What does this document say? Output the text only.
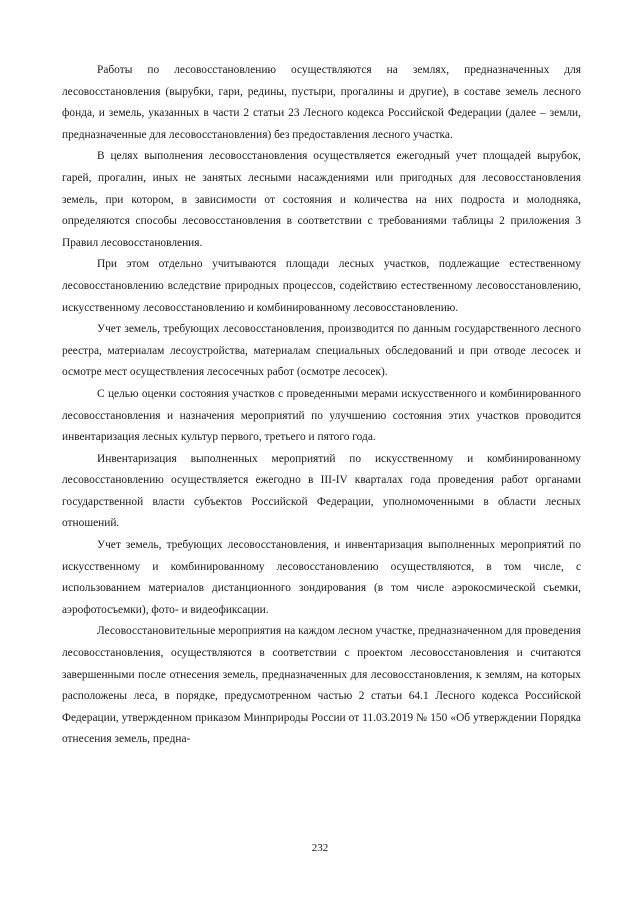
Работы по лесовосстановлению осуществляются на землях, предназначенных для лесовосстановления (вырубки, гари, редины, пустыри, прогалины и другие), в составе земель лесного фонда, и земель, указанных в части 2 статьи 23 Лесного кодекса Российской Федерации (далее – земли, предназначенные для лесовосстановления) без предоставления лесного участка.

В целях выполнения лесовосстановления осуществляется ежегодный учет площадей вырубок, гарей, прогалин, иных не занятых лесными насаждениями или пригодных для лесовосстановления земель, при котором, в зависимости от состояния и количества на них подроста и молодняка, определяются способы лесовосстановления в соответствии с требованиями таблицы 2 приложения 3 Правил лесовосстановления.

При этом отдельно учитываются площади лесных участков, подлежащие естественному лесовосстановлению вследствие природных процессов, содействию естественному лесовосстановлению, искусственному лесовосстановлению и комбинированному лесовосстановлению.

Учет земель, требующих лесовосстановления, производится по данным государственного лесного реестра, материалам лесоустройства, материалам специальных обследований и при отводе лесосек и осмотре мест осуществления лесосечных работ (осмотре лесосек).

С целью оценки состояния участков с проведенными мерами искусственного и комбинированного лесовосстановления и назначения мероприятий по улучшению состояния этих участков проводится инвентаризация лесных культур первого, третьего и пятого года.

Инвентаризация выполненных мероприятий по искусственному и комбинированному лесовосстановлению осуществляется ежегодно в III-IV кварталах года проведения работ органами государственной власти субъектов Российской Федерации, уполномоченными в области лесных отношений.

Учет земель, требующих лесовосстановления, и инвентаризация выполненных мероприятий по искусственному и комбинированному лесовосстановлению осуществляются, в том числе, с использованием материалов дистанционного зондирования (в том числе аэрокосмической съемки, аэрофотосъемки), фото- и видеофиксации.

Лесовосстановительные мероприятия на каждом лесном участке, предназначенном для проведения лесовосстановления, осуществляются в соответствии с проектом лесовосстановления и считаются завершенными после отнесения земель, предназначенных для лесовосстановления, к землям, на которых расположены леса, в порядке, предусмотренном частью 2 статьи 64.1 Лесного кодекса Российской Федерации, утвержденном приказом Минприроды России от 11.03.2019 № 150 «Об утверждении Порядка отнесения земель, предна-

232
